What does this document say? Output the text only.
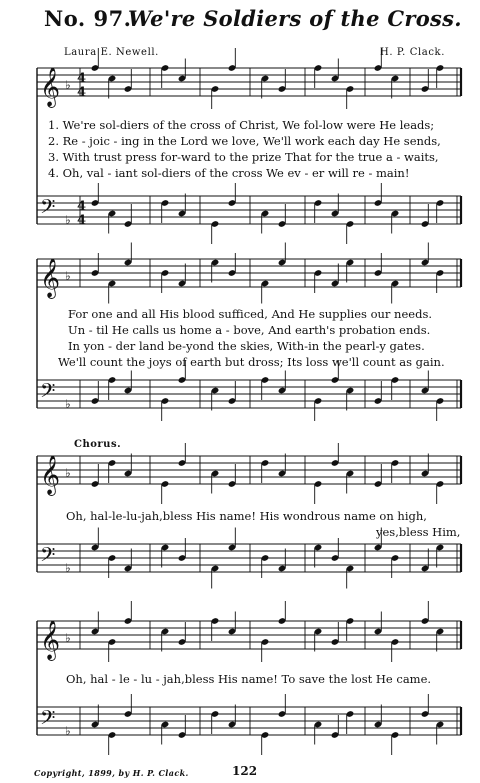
No. 97.
We're Soldiers of the Cross.
Laura E. Newell.	H. P. Clack.
𝄞 ♭
𝄢 ♭
𝄞 ♭
𝄢 ♭
𝄞 ♭
𝄢 ♭
𝄞 ♭
𝄢 ♭
4
4
4
4
1. We're sol-diers of the cross of Christ, We fol-low were He leads;
2. Re - joic - ing in the Lord we love, We'll work each day He sends,
3. With trust press for-ward to the prize That for the true a - waits,
4. Oh, val - iant sol-diers of the cross We ev - er will re - main!
For one and all His blood sufficed, And He supplies our needs.
Un - til He calls us home a - bove, And earth's probation ends.
In yon - der land be-yond the skies, With-in the pearl-y gates.
We'll count the joys of earth but dross; Its loss we'll count as gain.
Chorus.
Oh, hal-le-lu-jah,bless His name! His wondrous name on high,
yes,bless Him,
Oh, hal - le - lu - jah,bless His name! To save the lost He came.
Copyright, 1899, by H. P. Clack.	122
